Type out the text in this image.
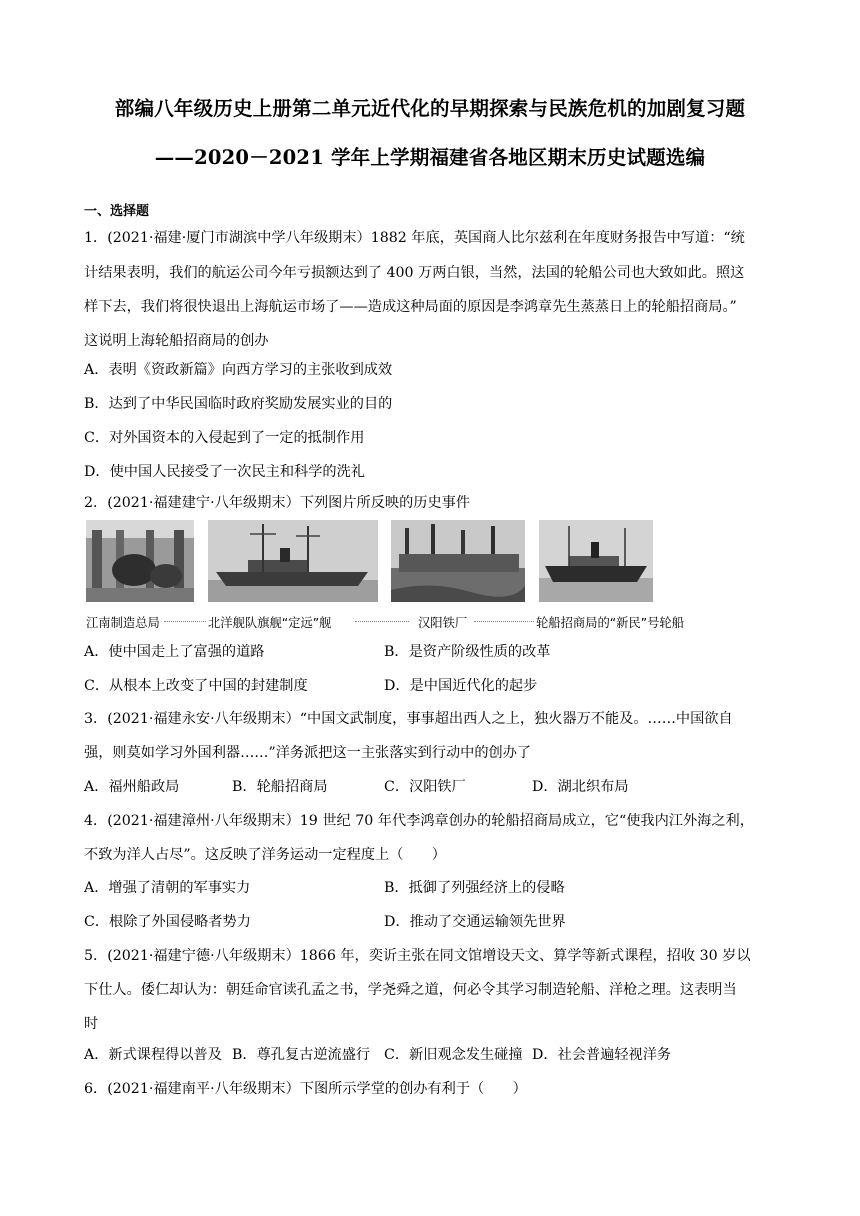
部编八年级历史上册第二单元近代化的早期探索与民族危机的加剧复习题
——2020－2021 学年上学期福建省各地区期末历史试题选编
一、选择题
1．(2021·福建·厦门市湖滨中学八年级期末）1882 年底，英国商人比尔兹利在年度财务报告中写道：“统
计结果表明，我们的航运公司今年亏损额达到了 400 万两白银，当然，法国的轮船公司也大致如此。照这
样下去，我们将很快退出上海航运市场了——造成这种局面的原因是李鸿章先生蒸蒸日上的轮船招商局。”
这说明上海轮船招商局的创办
A．表明《资政新篇》向西方学习的主张收到成效
B．达到了中华民国临时政府奖励发展实业的目的
C．对外国资本的入侵起到了一定的抵制作用
D．使中国人民接受了一次民主和科学的洗礼
2．(2021·福建建宁·八年级期末）下列图片所反映的历史事件
江南制造总局	北洋舰队旗舰“定远”舰	汉阳铁厂	轮船招商局的“新民”号轮船
A．使中国走上了富强的道路	B．是资产阶级性质的改革
C．从根本上改变了中国的封建制度	D．是中国近代化的起步
3．(2021·福建永安·八年级期末）“中国文武制度，事事超出西人之上，独火器万不能及。……中国欲自
强，则莫如学习外国利器……”洋务派把这一主张落实到行动中的创办了
A．福州船政局	B．轮船招商局	C．汉阳铁厂	D．湖北织布局
4．(2021·福建漳州·八年级期末）19 世纪 70 年代李鸿章创办的轮船招商局成立，它“使我内江外海之利，
不致为洋人占尽”。这反映了洋务运动一定程度上（　　）
A．增强了清朝的军事实力	B．抵御了列强经济上的侵略
C．根除了外国侵略者势力	D．推动了交通运输领先世界
5．(2021·福建宁德·八年级期末）1866 年，奕䜣主张在同文馆增设天文、算学等新式课程，招收 30 岁以
下仕人。倭仁却认为：朝廷命官读孔孟之书，学尧舜之道，何必令其学习制造轮船、洋枪之理。这表明当
时
A．新式课程得以普及 B．尊孔复古逆流盛行 C．新旧观念发生碰撞 D．社会普遍轻视洋务
6．(2021·福建南平·八年级期末）下图所示学堂的创办有利于（　　）
